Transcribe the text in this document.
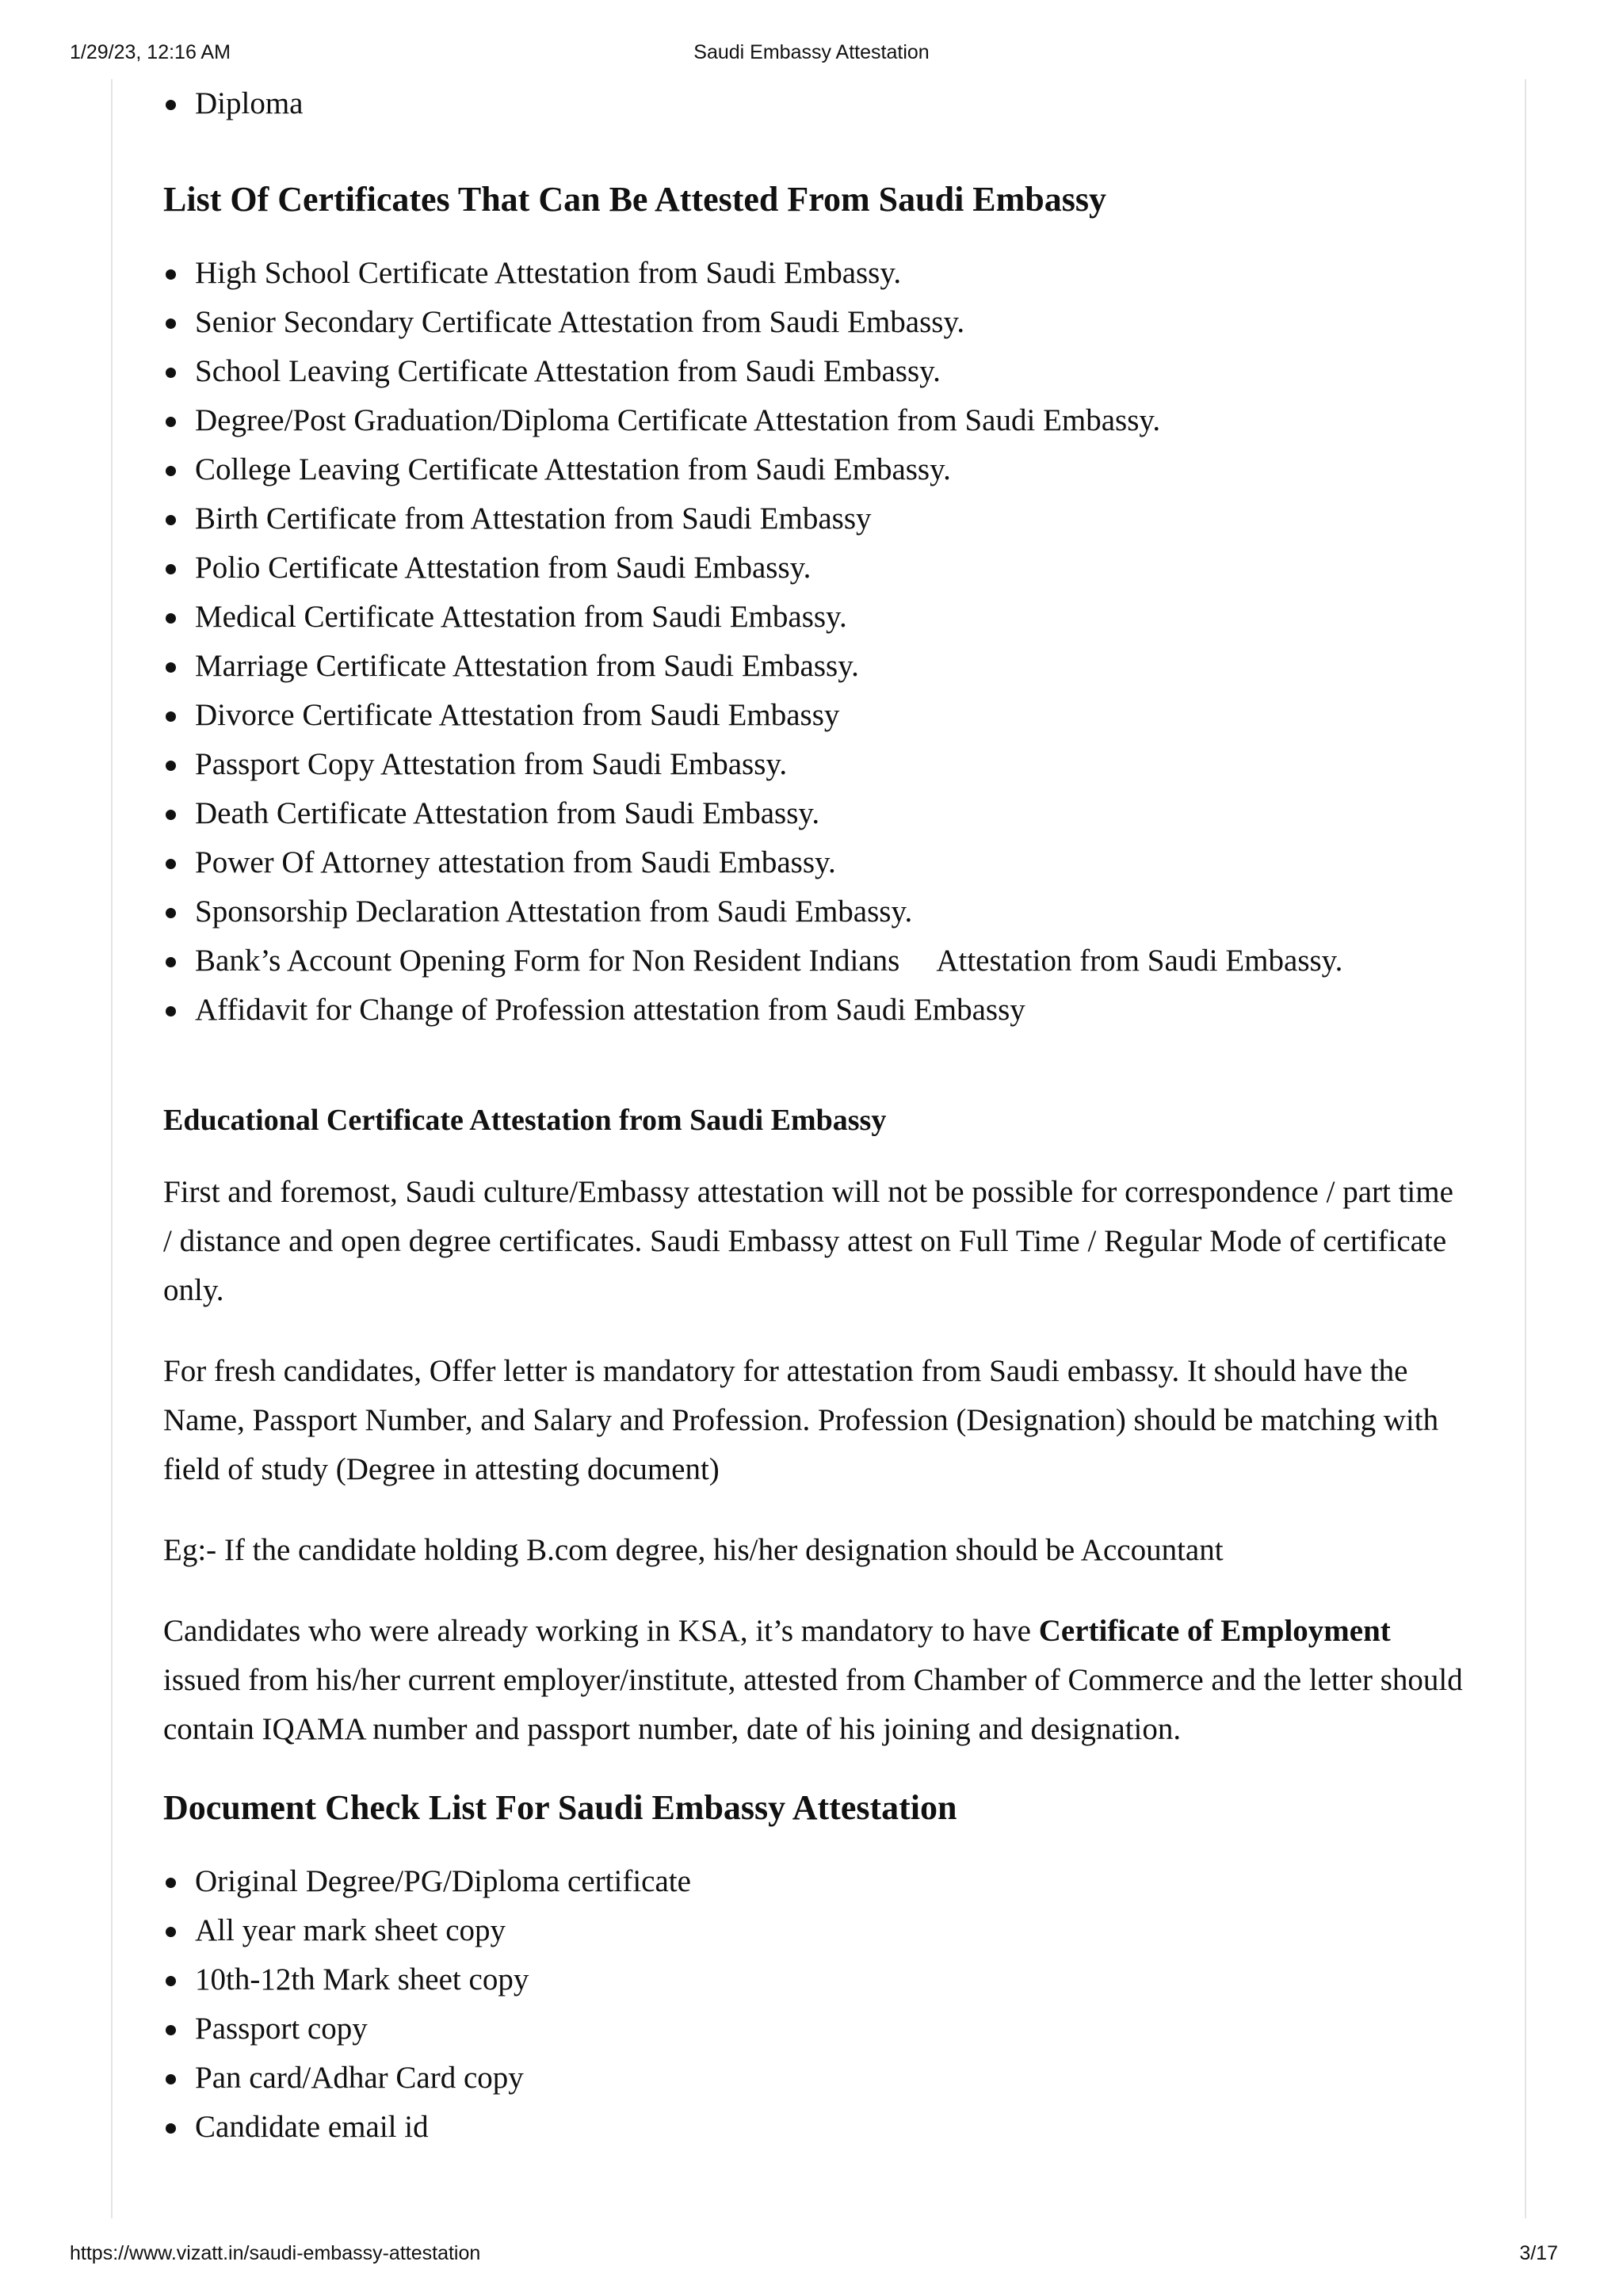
1/29/23, 12:16 AM	Saudi Embassy Attestation
Diploma
List Of Certificates That Can Be Attested From Saudi Embassy
High School Certificate Attestation from Saudi Embassy.
Senior Secondary Certificate Attestation from Saudi Embassy.
School Leaving Certificate Attestation from Saudi Embassy.
Degree/Post Graduation/Diploma Certificate Attestation from Saudi Embassy.
College Leaving Certificate Attestation from Saudi Embassy.
Birth Certificate from Attestation from Saudi Embassy
Polio Certificate Attestation from Saudi Embassy.
Medical Certificate Attestation from Saudi Embassy.
Marriage Certificate Attestation from Saudi Embassy.
Divorce Certificate Attestation from Saudi Embassy
Passport Copy Attestation from Saudi Embassy.
Death Certificate Attestation from Saudi Embassy.
Power Of Attorney attestation from Saudi Embassy.
Sponsorship Declaration Attestation from Saudi Embassy.
Bank’s Account Opening Form for Non Resident Indians Attestation from Saudi Embassy.
Affidavit for Change of Profession attestation from Saudi Embassy
Educational Certificate Attestation from Saudi Embassy

First and foremost, Saudi culture/Embassy attestation will not be possible for correspondence / part time / distance and open degree certificates. Saudi Embassy attest on Full Time / Regular Mode of certificate only.

For fresh candidates, Offer letter is mandatory for attestation from Saudi embassy. It should have the Name, Passport Number, and Salary and Profession. Profession (Designation) should be matching with field of study (Degree in attesting document)

Eg:- If the candidate holding B.com degree, his/her designation should be Accountant

Candidates who were already working in KSA, it’s mandatory to have Certificate of Employment issued from his/her current employer/institute, attested from Chamber of Commerce and the letter should contain IQAMA number and passport number, date of his joining and designation.

Document Check List For Saudi Embassy Attestation
Original Degree/PG/Diploma certificate
All year mark sheet copy
10th-12th Mark sheet copy
Passport copy
Pan card/Adhar Card copy
Candidate email id
https://www.vizatt.in/saudi-embassy-attestation	3/17
